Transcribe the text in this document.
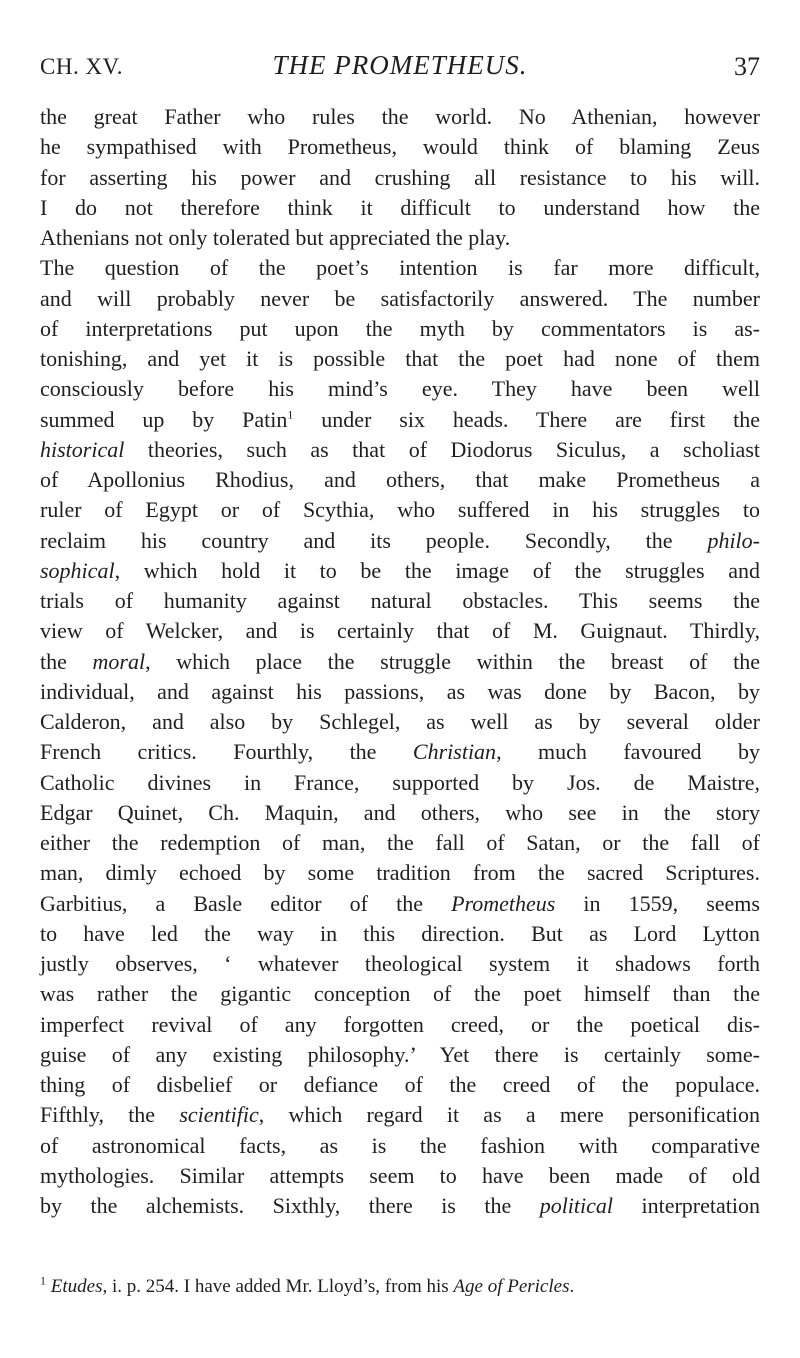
CH. XV.	THE PROMETHEUS.	37
the great Father who rules the world. No Athenian, however
he sympathised with Prometheus, would think of blaming Zeus
for asserting his power and crushing all resistance to his will.
I do not therefore think it difficult to understand how the
Athenians not only tolerated but appreciated the play.
The question of the poet’s intention is far more difficult,
and will probably never be satisfactorily answered. The number
of interpretations put upon the myth by commentators is as-
tonishing, and yet it is possible that the poet had none of them
consciously before his mind’s eye. They have been well
summed up by Patin$^1$ under six heads. There are first the
historical theories, such as that of Diodorus Siculus, a scholiast
of Apollonius Rhodius, and others, that make Prometheus a
ruler of Egypt or of Scythia, who suffered in his struggles to
reclaim his country and its people. Secondly, the philo-
sophical, which hold it to be the image of the struggles and
trials of humanity against natural obstacles. This seems the
view of Welcker, and is certainly that of M. Guignaut. Thirdly,
the moral, which place the struggle within the breast of the
individual, and against his passions, as was done by Bacon, by
Calderon, and also by Schlegel, as well as by several older
French critics. Fourthly, the Christian, much favoured by
Catholic divines in France, supported by Jos. de Maistre,
Edgar Quinet, Ch. Maquin, and others, who see in the story
either the redemption of man, the fall of Satan, or the fall of
man, dimly echoed by some tradition from the sacred Scriptures.
Garbitius, a Basle editor of the Prometheus in 1559, seems
to have led the way in this direction. But as Lord Lytton
justly observes, ‘ whatever theological system it shadows forth
was rather the gigantic conception of the poet himself than the
imperfect revival of any forgotten creed, or the poetical dis-
guise of any existing philosophy.’ Yet there is certainly some-
thing of disbelief or defiance of the creed of the populace.
Fifthly, the scientific, which regard it as a mere personification
of astronomical facts, as is the fashion with comparative
mythologies. Similar attempts seem to have been made of old
by the alchemists. Sixthly, there is the political interpretation
$^1$ Etudes, i. p. 254. I have added Mr. Lloyd’s, from his Age of Pericles.
